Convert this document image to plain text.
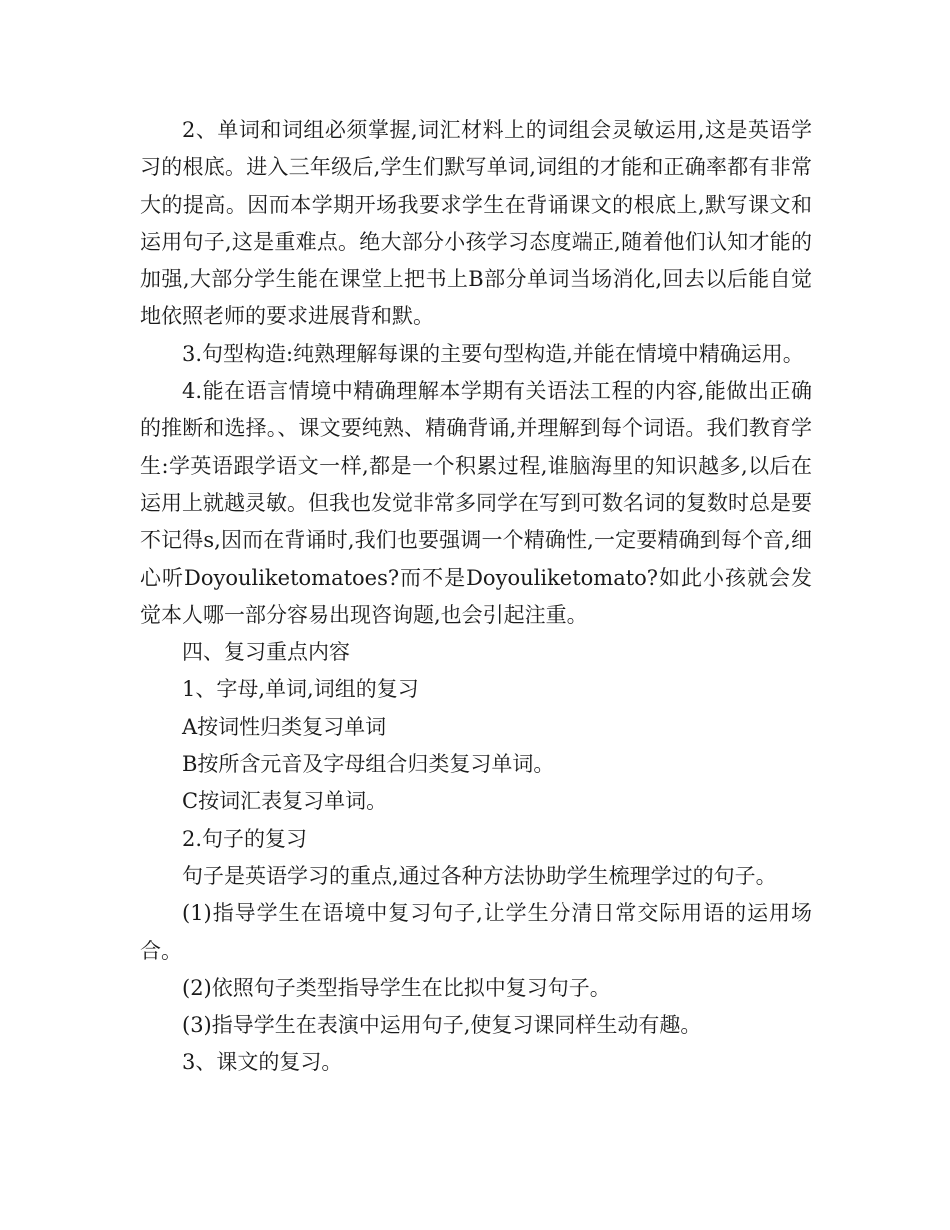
2、单词和词组必须掌握,词汇材料上的词组会灵敏运用,这是英语学习的根底。进入三年级后,学生们默写单词,词组的才能和正确率都有非常大的提高。因而本学期开场我要求学生在背诵课文的根底上,默写课文和运用句子,这是重难点。绝大部分小孩学习态度端正,随着他们认知才能的加强,大部分学生能在课堂上把书上B部分单词当场消化,回去以后能自觉地依照老师的要求进展背和默。

3.句型构造:纯熟理解每课的主要句型构造,并能在情境中精确运用。

4.能在语言情境中精确理解本学期有关语法工程的内容,能做出正确的推断和选择。、课文要纯熟、精确背诵,并理解到每个词语。我们教育学生:学英语跟学语文一样,都是一个积累过程,谁脑海里的知识越多,以后在运用上就越灵敏。但我也发觉非常多同学在写到可数名词的复数时总是要不记得s,因而在背诵时,我们也要强调一个精确性,一定要精确到每个音,细心听Doyouliketomatoes?而不是Doyouliketomato?如此小孩就会发觉本人哪一部分容易出现咨询题,也会引起注重。

四、复习重点内容

1、字母,单词,词组的复习

A按词性归类复习单词

B按所含元音及字母组合归类复习单词。

C按词汇表复习单词。

2.句子的复习

句子是英语学习的重点,通过各种方法协助学生梳理学过的句子。

(1)指导学生在语境中复习句子,让学生分清日常交际用语的运用场合。

(2)依照句子类型指导学生在比拟中复习句子。

(3)指导学生在表演中运用句子,使复习课同样生动有趣。

3、课文的复习。
